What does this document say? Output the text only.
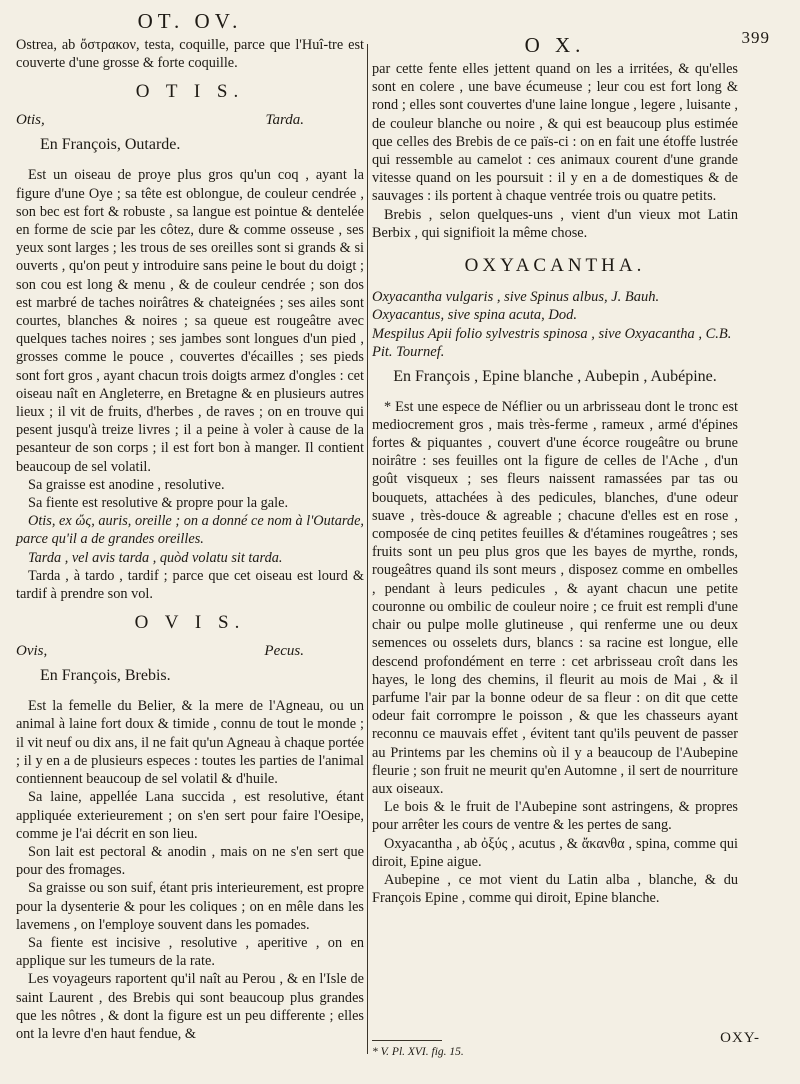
OT. OV.

Ostrea, ab ὄστρακον, testa, coquille, parce que l'Huî-tre est couverte d'une grosse & forte coquille.

O T I S.
Otis,	Tarda.
En François, Outarde.

Est un oiseau de proye plus gros qu'un coq , ayant la figure d'une Oye ; sa tête est oblongue, de couleur cendrée , son bec est fort & robuste , sa langue est pointue & dentelée en forme de scie par les côtez, dure & comme osseuse , ses yeux sont larges ; les trous de ses oreilles sont si grands & si ouverts , qu'on peut y introduire sans peine le bout du doigt ; son cou est long & menu , & de couleur cendrée ; son dos est marbré de taches noirâtres & chateignées ; ses ailes sont courtes, blanches & noires ; sa queue est rougeâtre avec quelques taches noires ; ses jambes sont longues d'un pied , grosses comme le pouce , couvertes d'écailles ; ses pieds sont fort gros , ayant chacun trois doigts armez d'ongles : cet oiseau naît en Angleterre, en Bretagne & en plusieurs autres lieux ; il vit de fruits, d'herbes , de raves ; on en trouve qui pesent jusqu'à treize livres ; il a peine à voler à cause de la pesanteur de son corps ; il est fort bon à manger. Il contient beaucoup de sel volatil.

Sa graisse est anodine , resolutive.

Sa fiente est resolutive & propre pour la gale.

Otis, ex ὤς, auris, oreille ; on a donné ce nom à l'Outarde, parce qu'il a de grandes oreilles.

Tarda , vel avis tarda , quòd volatu sit tarda.

Tarda , à tardo , tardif ; parce que cet oiseau est lourd & tardif à prendre son vol.

O V I S.
Ovis,	Pecus.
En François, Brebis.

Est la femelle du Belier, & la mere de l'Agneau, ou un animal à laine fort doux & timide , connu de tout le monde ; il vit neuf ou dix ans, il ne fait qu'un Agneau à chaque portée ; il y en a de plusieurs especes : toutes les parties de l'animal contiennent beaucoup de sel volatil & d'huile.

Sa laine, appellée Lana succida , est resolutive, étant appliquée exterieurement ; on s'en sert pour faire l'Oesipe, comme je l'ai décrit en son lieu.

Son lait est pectoral & anodin , mais on ne s'en sert que pour des fromages.

Sa graisse ou son suif, étant pris interieurement, est propre pour la dysenterie & pour les coliques ; on en mêle dans les lavemens , on l'employe souvent dans les pomades.

Sa fiente est incisive , resolutive , aperitive , on en applique sur les tumeurs de la rate.

Les voyageurs raportent qu'il naît au Perou , & en l'Isle de saint Laurent , des Brebis qui sont beaucoup plus grandes que les nôtres , & dont la figure est un peu differente ; elles ont la levre d'en haut fendue, &

399
O X.

par cette fente elles jettent quand on les a irritées, & qu'elles sont en colere , une bave écumeuse ; leur cou est fort long & rond ; elles sont couvertes d'une laine longue , legere , luisante , de couleur blanche ou noire , & qui est beaucoup plus estimée que celles des Brebis de ce païs-ci : on en fait une étoffe lustrée qui ressemble au camelot : ces animaux courent d'une grande vitesse quand on les poursuit : il y en a de domestiques & de sauvages : ils portent à chaque ventrée trois ou quatre petits.

Brebis , selon quelques-uns , vient d'un vieux mot Latin Berbix , qui signifioit la même chose.

OXYACANTHA.

Oxyacantha vulgaris , sive Spinus albus, J. Bauh.

Oxyacantus, sive spina acuta, Dod.

Mespilus Apii folio sylvestris spinosa , sive Oxyacantha , C.B. Pit. Tournef.

En François , Epine blanche , Aubepin , Aubépine.

* Est une espece de Néflier ou un arbrisseau dont le tronc est mediocrement gros , mais très-ferme , rameux , armé d'épines fortes & piquantes , couvert d'une écorce rougeâtre ou brune noirâtre : ses feuilles ont la figure de celles de l'Ache , d'un goût visqueux ; ses fleurs naissent ramassées par tas ou bouquets, attachées à des pedicules, blanches, d'une odeur suave , très-douce & agreable ; chacune d'elles est en rose , composée de cinq petites feuilles & d'étamines rougeâtres ; ses fruits sont un peu plus gros que les bayes de myrthe, ronds, rougeâtres quand ils sont meurs , disposez comme en ombelles , pendant à leurs pedicules , & ayant chacun une petite couronne ou ombilic de couleur noire ; ce fruit est rempli d'une chair ou pulpe molle glutineuse , qui renferme une ou deux semences ou osselets durs, blancs : sa racine est longue, elle descend profondément en terre : cet arbrisseau croît dans les hayes, le long des chemins, il fleurit au mois de Mai , & il parfume l'air par la bonne odeur de sa fleur : on dit que cette odeur fait corrompre le poisson , & que les chasseurs ayant reconnu ce mauvais effet , évitent tant qu'ils peuvent de passer au Printems par les chemins où il y a beaucoup de l'Aubepine fleurie ; son fruit ne meurit qu'en Automne , il sert de nourriture aux oiseaux.

Le bois & le fruit de l'Aubepine sont astringens, & propres pour arrêter les cours de ventre & les pertes de sang.

Oxyacantha , ab ὀξύς , acutus , & ἄκανθα , spina, comme qui diroit, Epine aigue.

Aubepine , ce mot vient du Latin alba , blanche, & du François Epine , comme qui diroit, Epine blanche.

OXY-
* V. Pl. XVI. fig. 15.
